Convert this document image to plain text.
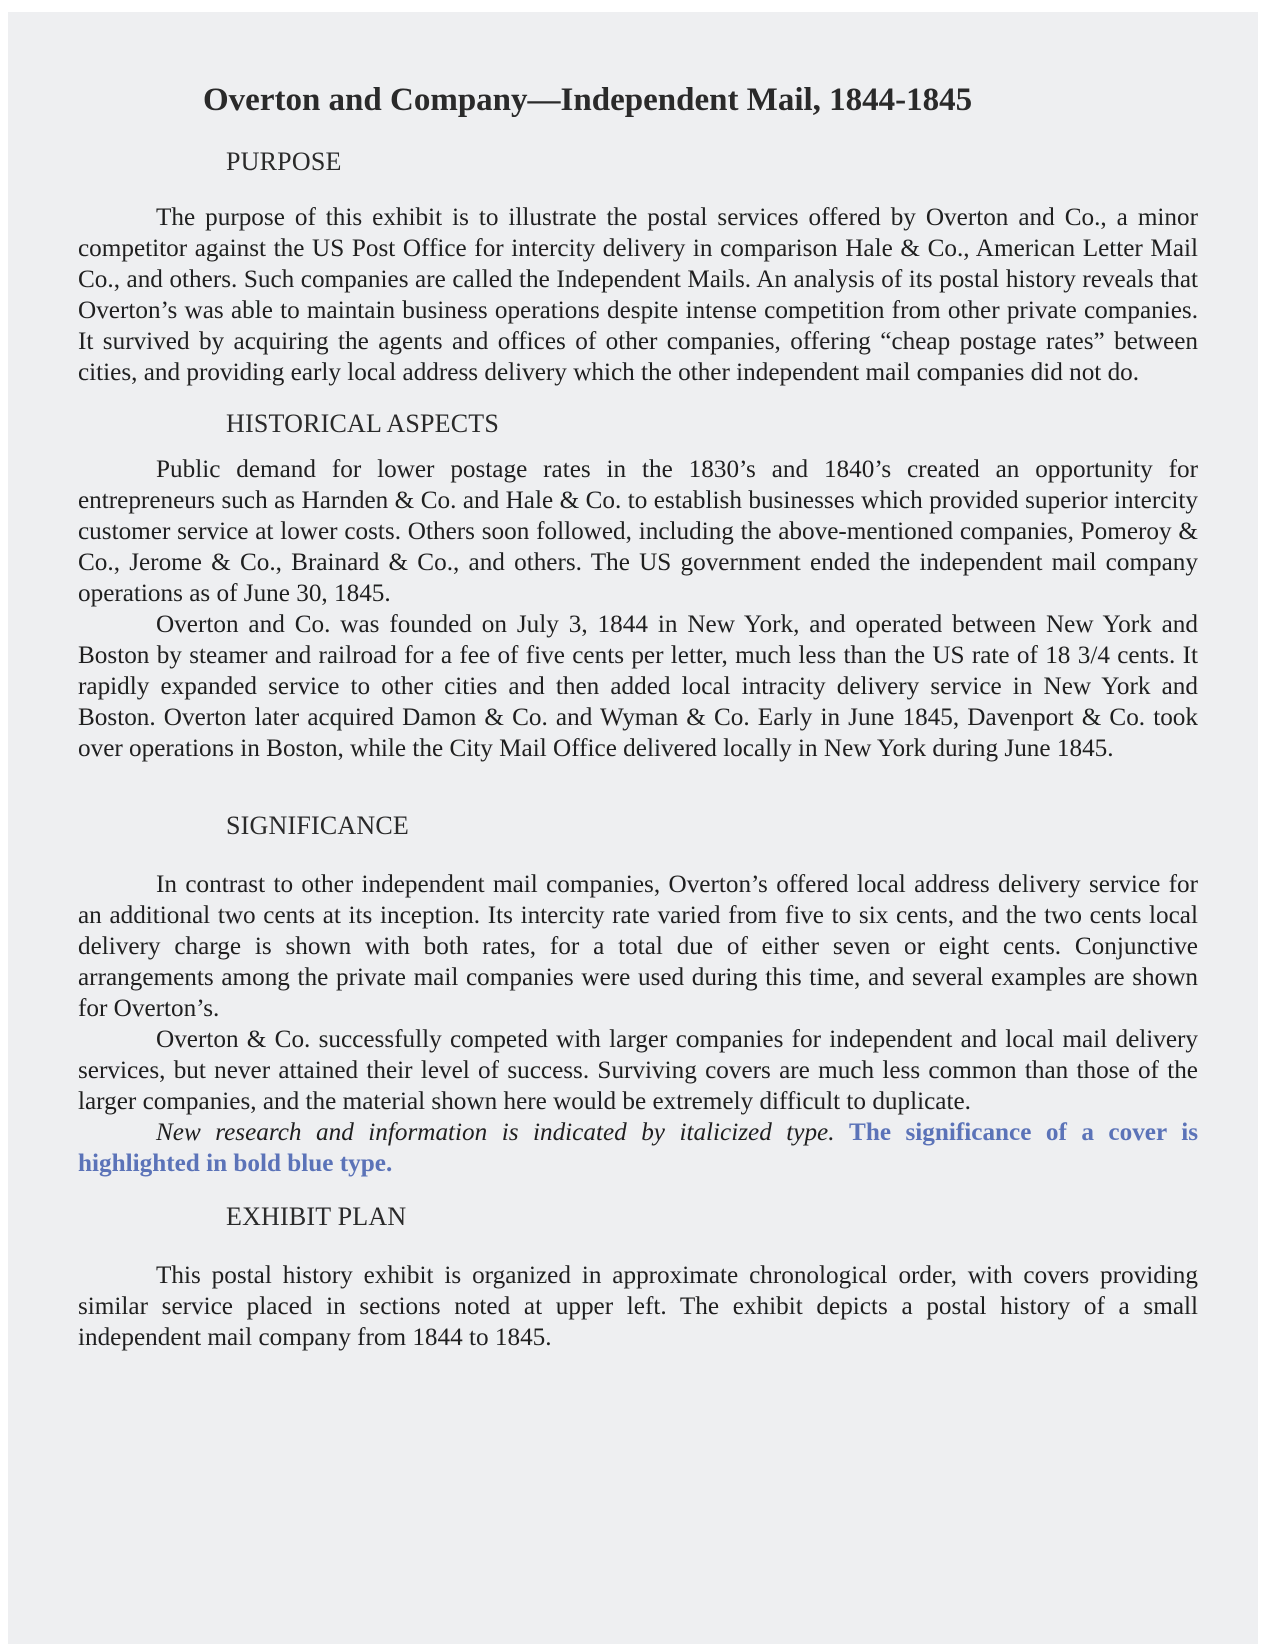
Overton and Company—Independent Mail, 1844-1845
PURPOSE

The purpose of this exhibit is to illustrate the postal services offered by Overton and Co., a minor competitor against the US Post Office for intercity delivery in comparison Hale & Co., American Letter Mail Co., and others. Such companies are called the Independent Mails. An analysis of its postal history reveals that Overton’s was able to maintain business operations despite intense competition from other private companies. It survived by acquiring the agents and offices of other companies, offering “cheap postage rates” between cities, and providing early local address delivery which the other independent mail companies did not do.

HISTORICAL ASPECTS

Public demand for lower postage rates in the 1830’s and 1840’s created an opportunity for entrepreneurs such as Harnden & Co. and Hale & Co. to establish businesses which provided superior intercity customer service at lower costs. Others soon followed, including the above-mentioned companies, Pomeroy & Co., Jerome & Co., Brainard & Co., and others. The US government ended the independent mail company operations as of June 30, 1845.

Overton and Co. was founded on July 3, 1844 in New York, and operated between New York and Boston by steamer and railroad for a fee of five cents per letter, much less than the US rate of 18 3/4 cents. It rapidly expanded service to other cities and then added local intracity delivery service in New York and Boston. Overton later acquired Damon & Co. and Wyman & Co. Early in June 1845, Davenport & Co. took over operations in Boston, while the City Mail Office delivered locally in New York during June 1845.

SIGNIFICANCE

In contrast to other independent mail companies, Overton’s offered local address delivery service for an additional two cents at its inception. Its intercity rate varied from five to six cents, and the two cents local delivery charge is shown with both rates, for a total due of either seven or eight cents. Conjunctive arrangements among the private mail companies were used during this time, and several examples are shown for Overton’s.

Overton & Co. successfully competed with larger companies for independent and local mail delivery services, but never attained their level of success. Surviving covers are much less common than those of the larger companies, and the material shown here would be extremely difficult to duplicate.

New research and information is indicated by italicized type. The significance of a cover is highlighted in bold blue type.

EXHIBIT PLAN

This postal history exhibit is organized in approximate chronological order, with covers providing similar service placed in sections noted at upper left. The exhibit depicts a postal history of a small independent mail company from 1844 to 1845.
